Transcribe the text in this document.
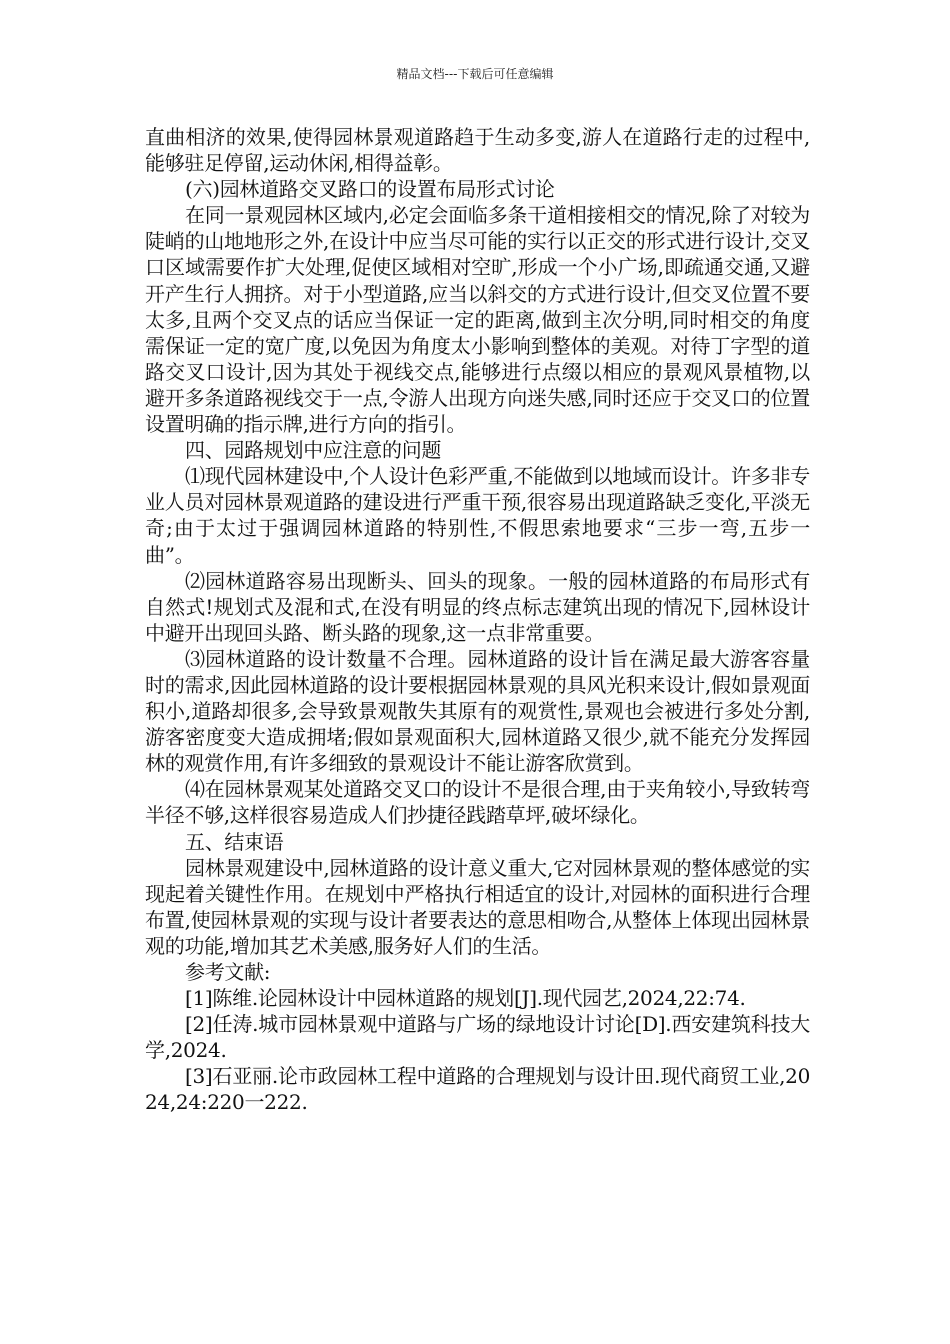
精品文档---下载后可任意编辑

直曲相济的效果,使得园林景观道路趋于生动多变,游人在道路行走的过程中,能够驻足停留,运动休闲,相得益彰。

(六)园林道路交叉路口的设置布局形式讨论

在同一景观园林区域内,必定会面临多条干道相接相交的情况,除了对较为陡峭的山地地形之外,在设计中应当尽可能的实行以正交的形式进行设计,交叉口区域需要作扩大处理,促使区域相对空旷,形成一个小广场,即疏通交通,又避开产生行人拥挤。对于小型道路,应当以斜交的方式进行设计,但交叉位置不要太多,且两个交叉点的话应当保证一定的距离,做到主次分明,同时相交的角度需保证一定的宽广度,以免因为角度太小影响到整体的美观。对待丁字型的道路交叉口设计,因为其处于视线交点,能够进行点缀以相应的景观风景植物,以避开多条道路视线交于一点,令游人出现方向迷失感,同时还应于交叉口的位置设置明确的指示牌,进行方向的指引。

四、园路规划中应注意的问题

⑴现代园林建设中,个人设计色彩严重,不能做到以地域而设计。许多非专业人员对园林景观道路的建设进行严重干预,很容易出现道路缺乏变化,平淡无奇;由于太过于强调园林道路的特别性,不假思索地要求“三步一弯,五步一曲”。

⑵园林道路容易出现断头、回头的现象。一般的园林道路的布局形式有自然式!规划式及混和式,在没有明显的终点标志建筑出现的情况下,园林设计中避开出现回头路、断头路的现象,这一点非常重要。

⑶园林道路的设计数量不合理。园林道路的设计旨在满足最大游客容量时的需求,因此园林道路的设计要根据园林景观的具风光积来设计,假如景观面积小,道路却很多,会导致景观散失其原有的观赏性,景观也会被进行多处分割,游客密度变大造成拥堵;假如景观面积大,园林道路又很少,就不能充分发挥园林的观赏作用,有许多细致的景观设计不能让游客欣赏到。

⑷在园林景观某处道路交叉口的设计不是很合理,由于夹角较小,导致转弯半径不够,这样很容易造成人们抄捷径践踏草坪,破坏绿化。

五、结束语

园林景观建设中,园林道路的设计意义重大,它对园林景观的整体感觉的实现起着关键性作用。在规划中严格执行相适宜的设计,对园林的面积进行合理布置,使园林景观的实现与设计者要表达的意思相吻合,从整体上体现出园林景观的功能,增加其艺术美感,服务好人们的生活。

参考文献:

[1]陈维.论园林设计中园林道路的规划[J].现代园艺,2024,22:74.

[2]任涛.城市园林景观中道路与广场的绿地设计讨论[D].西安建筑科技大学,2024.

[3]石亚丽.论市政园林工程中道路的合理规划与设计田.现代商贸工业,2024,24:220一222.
